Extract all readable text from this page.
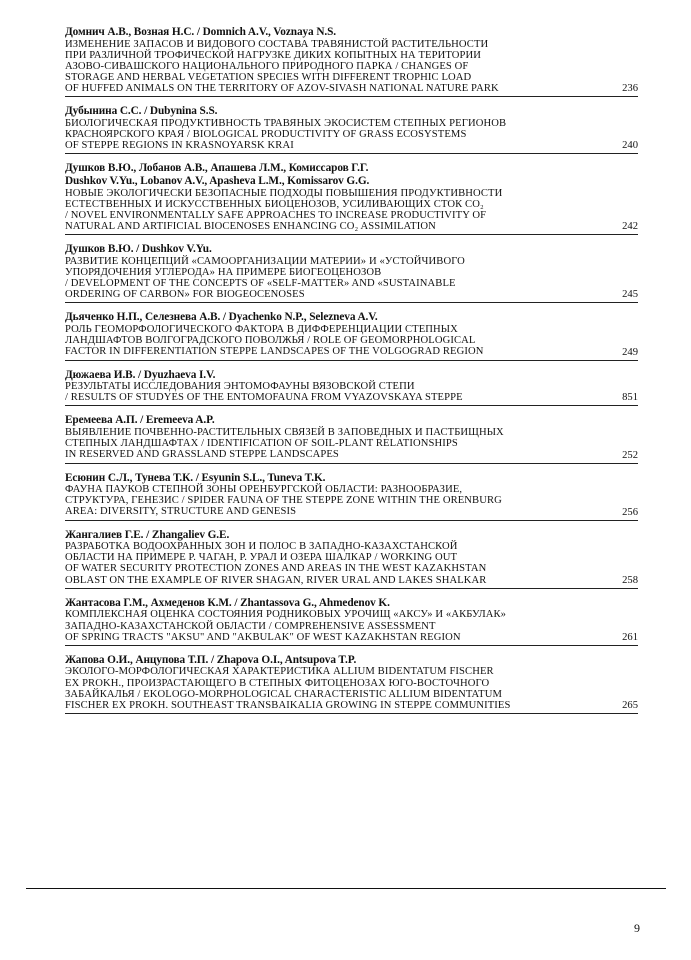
Домнич А.В., Вознaя Н.С. / Domnich A.V., Voznaya N.S.
ИЗМЕНЕНИЕ ЗАПАСОВ И ВИДОВОГО СОСТАВА ТРАВЯНИСТОЙ РАСТИТЕЛЬНОСТИ
ПРИ РАЗЛИЧНОЙ ТРОФИЧЕСКОЙ НАГРУЗКЕ ДИКИХ КОПЫТНЫХ НА ТЕРИТОРИИ
АЗОВО-СИВАШСКОГО НАЦИОНАЛЬНОГО ПРИРОДНОГО ПАРКА / CHANGES OF
STORAGE AND HERBAL VEGETATION SPECIES WITH DIFFERENT TROPHIC LOAD
OF HUFFED ANIMALS ON THE TERRITORY OF AZOV-SIVASH NATIONAL NATURE PARK	236
Дубынина С.С. / Dubynina S.S.
БИОЛОГИЧЕСКАЯ ПРОДУКТИВНОСТЬ ТРАВЯНЫХ ЭКОСИСТЕМ СТЕПНЫХ РЕГИОНОВ
КРАСНОЯРСКОГО КРАЯ / BIOLOGICAL PRODUCTIVITY OF GRASS ECOSYSTEMS
OF STEPPE REGIONS IN KRASNOYARSK KRAI	240
Душков В.Ю., Лобанов А.В., Апашева Л.М., Комиссаров Г.Г.
Dushkov V.Yu., Lobanov A.V., Apasheva L.M., Komissarov G.G.
НОВЫЕ ЭКОЛОГИЧЕСКИ БЕЗОПАСНЫЕ ПОДХОДЫ ПОВЫШЕНИЯ ПРОДУКТИВНОСТИ
ЕСТЕСТВЕННЫХ И ИСКУССТВЕННЫХ БИОЦЕНОЗОВ, УСИЛИВАЮЩИХ СТОК CO₂
/ NOVEL ENVIRONMENTALLY SAFE APPROACHES TO INCREASE PRODUCTIVITY OF
NATURAL AND ARTIFICIAL BIOCENOSES ENHANCING CO₂ ASSIMILATION	242
Душков В.Ю. / Dushkov V.Yu.
РАЗВИТИЕ КОНЦЕПЦИЙ «САМООРГАНИЗАЦИИ МАТЕРИИ» И «УСТОЙЧИВОГО
УПОРЯДОЧЕНИЯ УГЛЕРОДА» НА ПРИМЕРЕ БИОГЕОЦЕНОЗОВ
/ DEVELOPMENT OF THE CONCEPTS OF «SELF-MATTER» AND «SUSTAINABLE
ORDERING OF CARBON» FOR BIOGEOCENOSES	245
Дьяченко Н.П., Селезнева А.В. / Dyachenko N.P., Selezneva A.V.
РОЛЬ ГЕОМОРФОЛОГИЧЕСКОГО ФАКТОРА В ДИФФЕРЕНЦИАЦИИ СТЕПНЫХ
ЛАНДШАФТОВ ВОЛГОГРАДСКОГО ПОВОЛЖЬЯ / ROLE OF GEOMORPHOLOGICAL
FACTOR IN DIFFERENTIATION STEPPE LANDSCAPES OF THE VOLGOGRAD REGION	249
Дюжаева И.В. / Dyuzhaeva I.V.
РЕЗУЛЬТАТЫ ИССЛЕДОВАНИЯ ЭНТОМОФАУНЫ ВЯЗОВСКОЙ СТЕПИ
/ RESULTS OF STUDYES OF THE ENTOMOFAUNA FROM VYAZOVSKAYA STEPPE	851
Еремеева А.П. / Eremeeva A.P.
ВЫЯВЛЕНИЕ ПОЧВЕННО-РАСТИТЕЛЬНЫХ СВЯЗЕЙ В ЗАПОВЕДНЫХ И ПАСТБИЩНЫХ
СТЕПНЫХ ЛАНДШАФТАХ / IDENTIFICATION OF SOIL-PLANT RELATIONSHIPS
IN RESERVED AND GRASSLAND STEPPE LANDSCAPES	252
Есюнин С.Л., Тунева Т.К. / Esyunin S.L., Tuneva T.K.
ФАУНА ПАУКОВ СТЕПНОЙ ЗОНЫ ОРЕНБУРГСКОЙ ОБЛАСТИ: РАЗНООБРАЗИЕ,
СТРУКТУРА, ГЕНЕЗИС / SPIDER FAUNA OF THE STEPPE ZONE WITHIN THE ORENBURG
AREA: DIVERSITY, STRUCTURE AND GENESIS	256
Жангалиев Г.Е. / Zhangaliev G.E.
РАЗРАБОТКА ВОДООХРАННЫХ ЗОН И ПОЛОС В ЗАПАДНО-КАЗАХСТАНСКОЙ
ОБЛАСТИ НА ПРИМЕРЕ Р. ЧАГАН, Р. УРАЛ И ОЗЕРА ШАЛКАР / WORKING OUT
OF WATER SECURITY PROTECTION ZONES AND AREAS IN THE WEST KAZAKHSTAN
OBLAST ON THE EXAMPLE OF RIVER SHAGAN, RIVER URAL AND LAKES SHALKAR	258
Жантасова Г.М., Ахмеденов К.М. / Zhantassova G., Ahmedenov K.
КОМПЛЕКСНАЯ ОЦЕНКА СОСТОЯНИЯ РОДНИКОВЫХ УРОЧИЩ «АКСУ» И «АКБУЛАК»
ЗАПАДНО-КАЗАХСТАНСКОЙ ОБЛАСТИ / COMPREHENSIVE ASSESSMENT
OF SPRING TRACTS "AKSU" AND "AKBULAK" OF WEST KAZAKHSTAN REGION	261
Жапова О.И., Анцупова Т.П. / Zhapova O.I., Antsupova T.P.
ЭКОЛОГО-МОРФОЛОГИЧЕСКАЯ ХАРАКТЕРИСТИКА ALLIUM BIDENTATUM FISCHER
EX PROKH., ПРОИЗРАСТАЮЩЕГО В СТЕПНЫХ ФИТОЦЕНОЗАХ ЮГО-ВОСТОЧНОГО
ЗАБАЙКАЛЬЯ / EKOLOGO-MORPHOLOGICAL CHARACTERISTIC ALLIUM BIDENTATUM
FISCHER EX PROKH. SOUTHEAST TRANSBAIKALIA GROWING IN STEPPE COMMUNITIES	265
9
